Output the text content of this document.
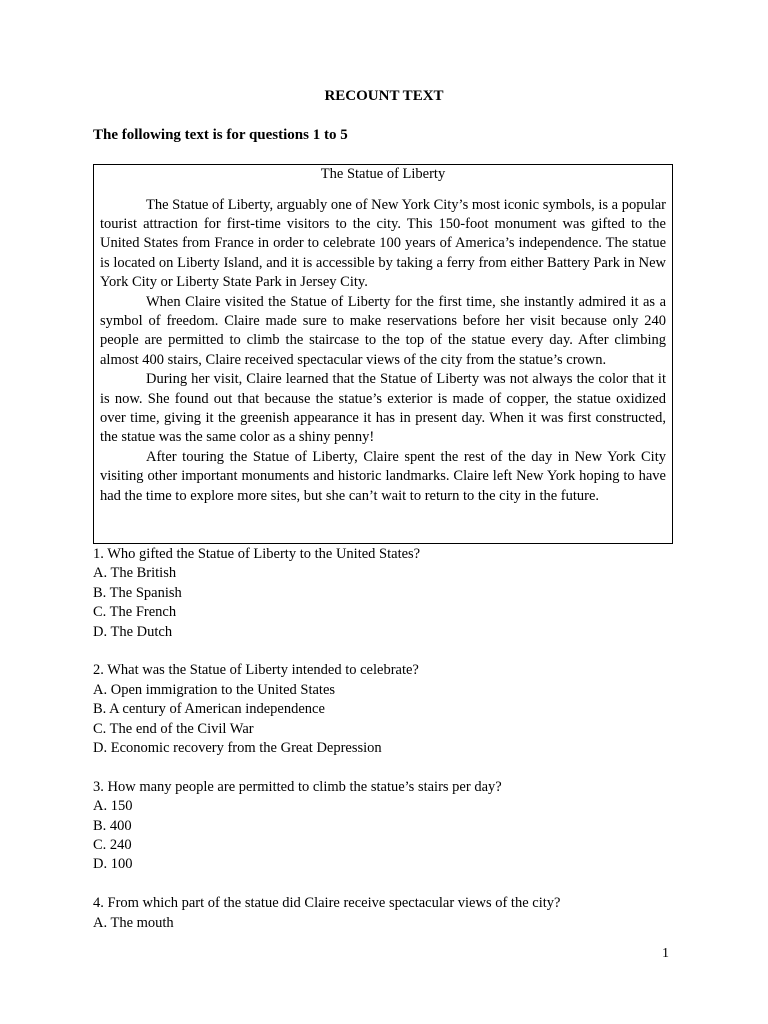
RECOUNT TEXT
The following text is for questions 1 to 5
The Statue of Liberty

The Statue of Liberty, arguably one of New York City’s most iconic symbols, is a popular tourist attraction for first-time visitors to the city. This 150-foot monument was gifted to the United States from France in order to celebrate 100 years of America’s independence. The statue is located on Liberty Island, and it is accessible by taking a ferry from either Battery Park in New York City or Liberty State Park in Jersey City.

When Claire visited the Statue of Liberty for the first time, she instantly admired it as a symbol of freedom. Claire made sure to make reservations before her visit because only 240 people are permitted to climb the staircase to the top of the statue every day. After climbing almost 400 stairs, Claire received spectacular views of the city from the statue’s crown.

During her visit, Claire learned that the Statue of Liberty was not always the color that it is now. She found out that because the statue’s exterior is made of copper, the statue oxidized over time, giving it the greenish appearance it has in present day. When it was first constructed, the statue was the same color as a shiny penny!

After touring the Statue of Liberty, Claire spent the rest of the day in New York City visiting other important monuments and historic landmarks. Claire left New York hoping to have had the time to explore more sites, but she can’t wait to return to the city in the future.

1. Who gifted the Statue of Liberty to the United States?
A. The British
B. The Spanish
C. The French
D. The Dutch
2. What was the Statue of Liberty intended to celebrate?
A. Open immigration to the United States
B. A century of American independence
C. The end of the Civil War
D. Economic recovery from the Great Depression
3. How many people are permitted to climb the statue’s stairs per day?
A. 150
B. 400
C. 240
D. 100
4. From which part of the statue did Claire receive spectacular views of the city?
A. The mouth
1
